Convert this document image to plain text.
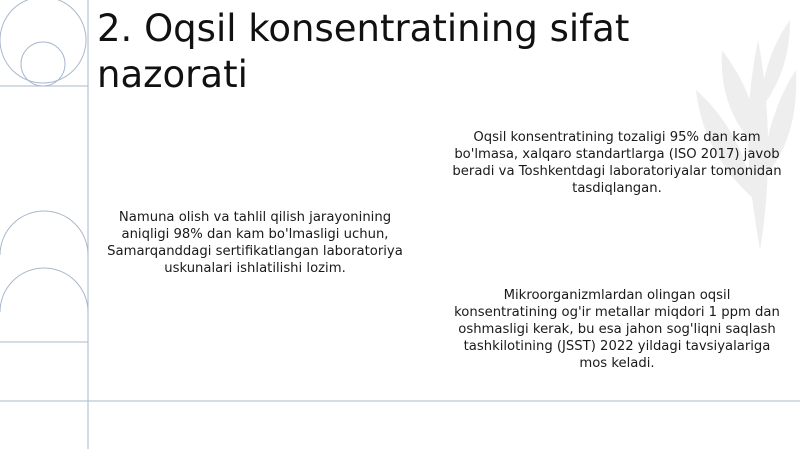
2. Oqsil konsentratining sifat nazorati
Namuna olish va tahlil qilish jarayonining aniqligi 98% dan kam bo'lmasligi uchun, Samarqanddagi sertifikatlangan laboratoriya uskunalari ishlatilishi lozim.
Oqsil konsentratining tozaligi 95% dan kam bo'lmasa, xalqaro standartlarga (ISO 2017) javob beradi va Toshkentdagi laboratoriyalar tomonidan tasdiqlangan.
Mikroorganizmlardan olingan oqsil konsentratining og'ir metallar miqdori 1 ppm dan oshmasligi kerak, bu esa jahon sog'liqni saqlash tashkilotining (JSST) 2022 yildagi tavsiyalariga mos keladi.
